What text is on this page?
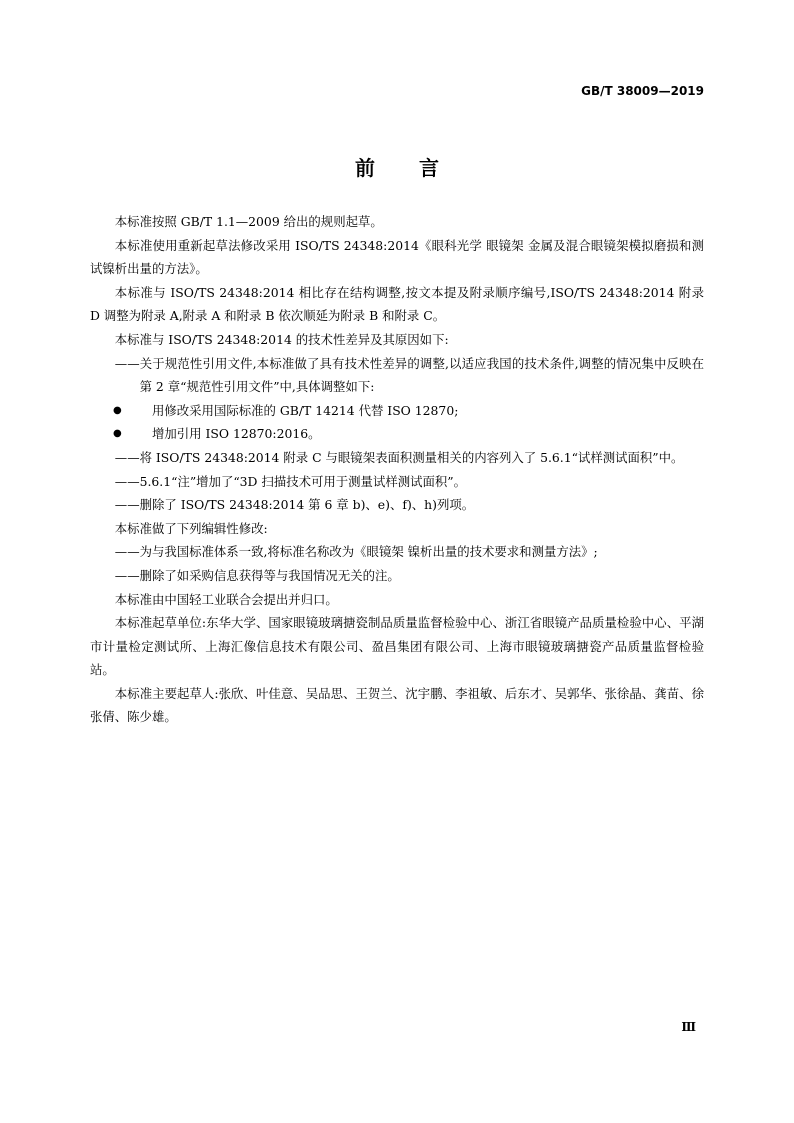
GB/T 38009—2019
前言

本标准按照 GB/T 1.1—2009 给出的规则起草。

本标准使用重新起草法修改采用 ISO/TS 24348:2014《眼科光学 眼镜架 金属及混合眼镜架模拟磨损和测试镍析出量的方法》。

本标准与 ISO/TS 24348:2014 相比存在结构调整,按文本提及附录顺序编号,ISO/TS 24348:2014 附录 D 调整为附录 A,附录 A 和附录 B 依次顺延为附录 B 和附录 C。

本标准与 ISO/TS 24348:2014 的技术性差异及其原因如下:

——关于规范性引用文件,本标准做了具有技术性差异的调整,以适应我国的技术条件,调整的情况集中反映在第 2 章“规范性引用文件”中,具体调整如下:

● 用修改采用国际标准的 GB/T 14214 代替 ISO 12870;

● 增加引用 ISO 12870:2016。

——将 ISO/TS 24348:2014 附录 C 与眼镜架表面积测量相关的内容列入了 5.6.1“试样测试面积”中。

——5.6.1“注”增加了“3D 扫描技术可用于测量试样测试面积”。

——删除了 ISO/TS 24348:2014 第 6 章 b)、e)、f)、h)列项。

本标准做了下列编辑性修改:

——为与我国标准体系一致,将标准名称改为《眼镜架 镍析出量的技术要求和测量方法》;

——删除了如采购信息获得等与我国情况无关的注。

本标准由中国轻工业联合会提出并归口。

本标准起草单位:东华大学、国家眼镜玻璃搪瓷制品质量监督检验中心、浙江省眼镜产品质量检验中心、平湖市计量检定测试所、上海汇像信息技术有限公司、盈昌集团有限公司、上海市眼镜玻璃搪瓷产品质量监督检验站。

本标准主要起草人:张欣、叶佳意、吴品思、王贺兰、沈宇鹏、李祖敏、后东才、吴郭华、张徐晶、龚苗、徐张倩、陈少雄。

Ⅲ
